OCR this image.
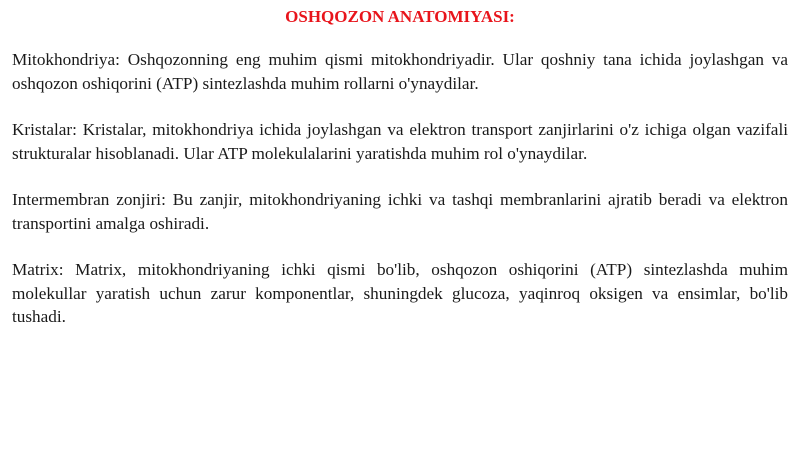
OSHQOZON ANATOMIYASI:

Mitokhondriya: Oshqozonning eng muhim qismi mitokhondriyadir. Ular qoshniy tana ichida joylashgan va oshqozon oshiqorini (ATP) sintezlashda muhim rollarni o'ynaydilar.

Kristalar: Kristalar, mitokhondriya ichida joylashgan va elektron transport zanjirlarini o'z ichiga olgan vazifali strukturalar hisoblanadi. Ular ATP molekulalarini yaratishda muhim rol o'ynaydilar.

Intermembran zonjiri: Bu zanjir, mitokhondriyaning ichki va tashqi membranlarini ajratib beradi va elektron transportini amalga oshiradi.

Matrix: Matrix, mitokhondriyaning ichki qismi bo'lib, oshqozon oshiqorini (ATP) sintezlashda muhim molekullar yaratish uchun zarur komponentlar, shuningdek glucoza, yaqinroq oksigen va ensimlar, bo'lib tushadi.
